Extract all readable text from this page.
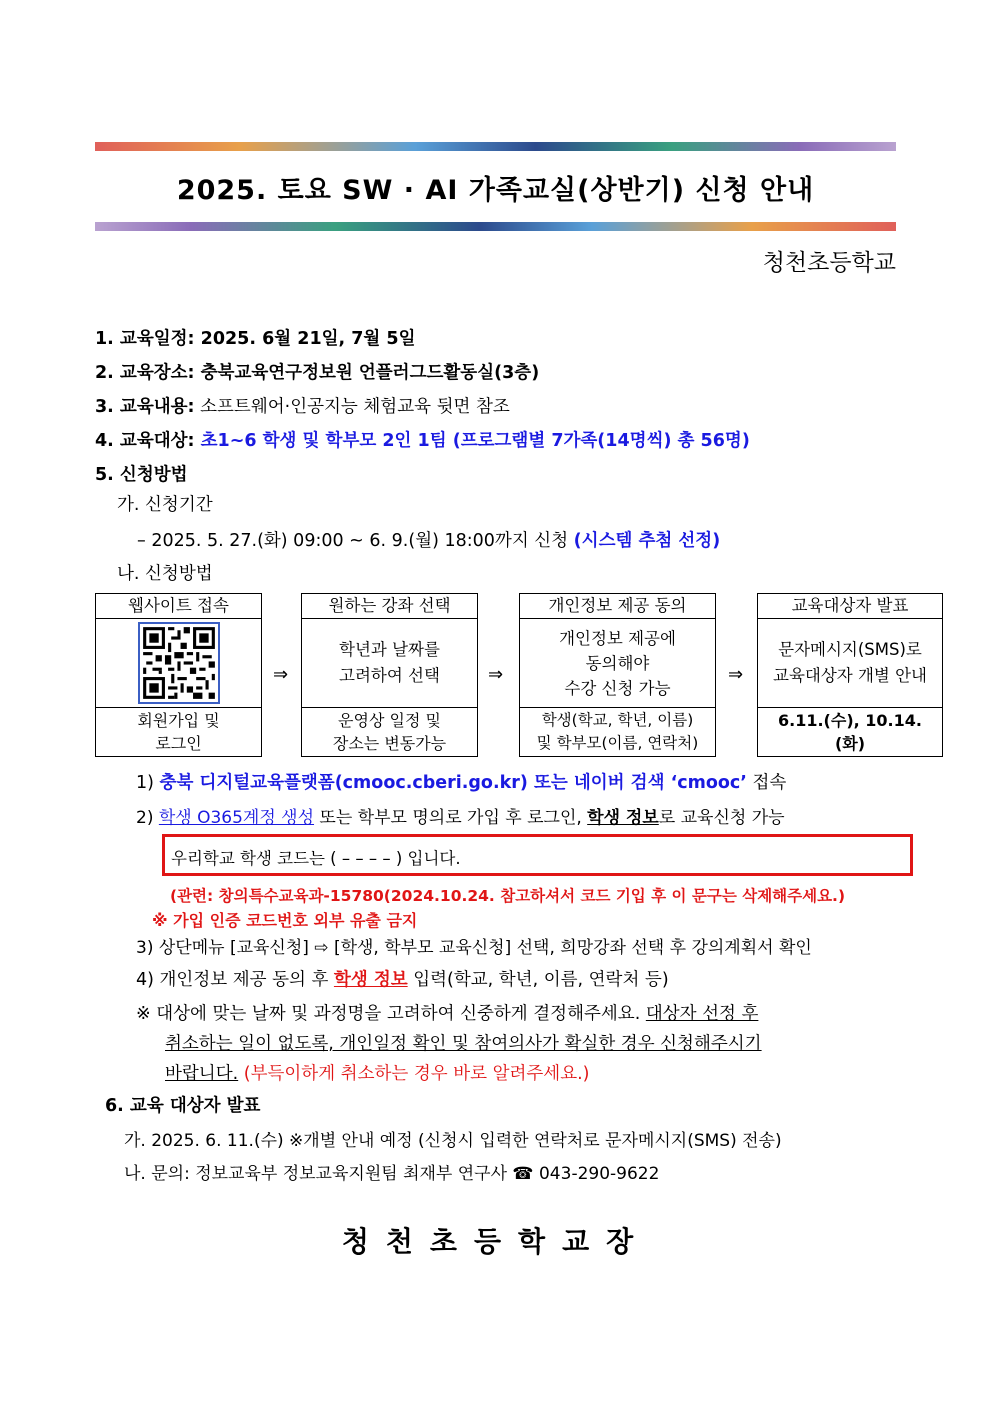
2025. 토요 SW · AI 가족교실(상반기) 신청 안내
청천초등학교
1. 교육일정: 2025. 6월 21일, 7월 5일
2. 교육장소: 충북교육연구정보원 언플러그드활동실(3층)
3. 교육내용: 소프트웨어·인공지능 체험교육 뒷면 참조
4. 교육대상: 초1~6 학생 및 학부모 2인 1팀 (프로그램별 7가족(14명씩) 총 56명)
5. 신청방법
가. 신청기간
– 2025. 5. 27.(화) 09:00 ~ 6. 9.(월) 18:00까지 신청 (시스템 추첨 선정)
나. 신청방법
웹사이트 접속
회원가입 및
로그인
⇒
원하는 강좌 선택
학년과 날짜를
고려하여 선택
운영상 일정 및
장소는 변동가능
⇒
개인정보 제공 동의
개인정보 제공에
동의해야
수강 신청 가능
학생(학교, 학년, 이름)
및 학부모(이름, 연락처)
⇒
교육대상자 발표
문자메시지(SMS)로
교육대상자 개별 안내
6.11.(수), 10.14.
(화)
1) 충북 디지털교육플랫폼(cmooc.cberi.go.kr) 또는 네이버 검색 ‘cmooc’ 접속
2) 학생 O365계정 생성 또는 학부모 명의로 가입 후 로그인, 학생 정보로 교육신청 가능
우리학교 학생 코드는 ( – – – – ) 입니다.
(관련: 창의특수교육과-15780(2024.10.24. 참고하셔서 코드 기입 후 이 문구는 삭제해주세요.)
※ 가입 인증 코드번호 외부 유출 금지
3) 상단메뉴 [교육신청] ⇨ [학생, 학부모 교육신청] 선택, 희망강좌 선택 후 강의계획서 확인
4) 개인정보 제공 동의 후 학생 정보 입력(학교, 학년, 이름, 연락처 등)
※ 대상에 맞는 날짜 및 과정명을 고려하여 신중하게 결정해주세요. 대상자 선정 후
취소하는 일이 없도록, 개인일정 확인 및 참여의사가 확실한 경우 신청해주시기
바랍니다. (부득이하게 취소하는 경우 바로 알려주세요.)
6. 교육 대상자 발표
가. 2025. 6. 11.(수) ※개별 안내 예정 (신청시 입력한 연락처로 문자메시지(SMS) 전송)
나. 문의: 정보교육부 정보교육지원팀 최재부 연구사 ☎ 043-290-9622
청천초등학교장
